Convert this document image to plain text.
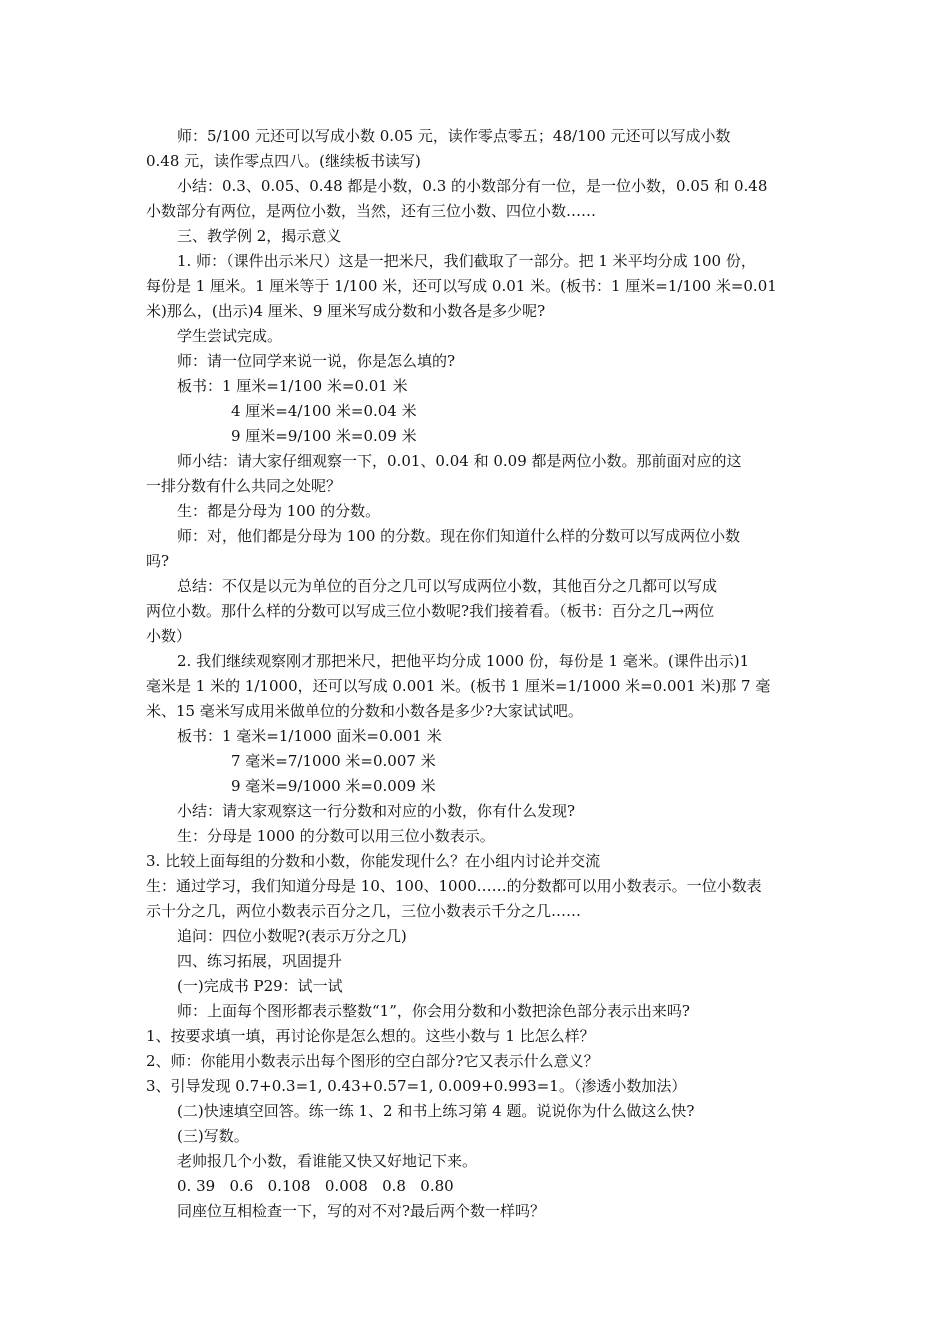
师：5/100 元还可以写成小数 0.05 元，读作零点零五；48/100 元还可以写成小数
0.48 元，读作零点四八。(继续板书读写)
小结：0.3、0.05、0.48 都是小数，0.3 的小数部分有一位，是一位小数，0.05 和 0.48
小数部分有两位，是两位小数，当然，还有三位小数、四位小数……
三、教学例 2，揭示意义
1. 师：（课件出示米尺）这是一把米尺，我们截取了一部分。把 1 米平均分成 100 份，
每份是 1 厘米。1 厘米等于 1/100 米，还可以写成 0.01 米。(板书：1 厘米=1/100 米=0.01
米)那么，(出示)4 厘米、9 厘米写成分数和小数各是多少呢?
学生尝试完成。
师：请一位同学来说一说，你是怎么填的?
板书：1 厘米=1/100 米=0.01 米
4 厘米=4/100 米=0.04 米
9 厘米=9/100 米=0.09 米
师小结：请大家仔细观察一下，0.01、0.04 和 0.09 都是两位小数。那前面对应的这
一排分数有什么共同之处呢？
生：都是分母为 100 的分数。
师：对，他们都是分母为 100 的分数。现在你们知道什么样的分数可以写成两位小数
吗?
总结：不仅是以元为单位的百分之几可以写成两位小数，其他百分之几都可以写成
两位小数。那什么样的分数可以写成三位小数呢?我们接着看。（板书：百分之几→两位
小数）
2. 我们继续观察刚才那把米尺，把他平均分成 1000 份，每份是 1 毫米。(课件出示)1
毫米是 1 米的 1/1000，还可以写成 0.001 米。(板书 1 厘米=1/1000 米=0.001 米)那 7 毫
米、15 毫米写成用米做单位的分数和小数各是多少?大家试试吧。
板书：1 毫米=1/1000 面米=0.001 米
7 毫米=7/1000 米=0.007 米
9 毫米=9/1000 米=0.009 米
小结：请大家观察这一行分数和对应的小数，你有什么发现?
生：分母是 1000 的分数可以用三位小数表示。
3. 比较上面每组的分数和小数，你能发现什么？在小组内讨论并交流
生：通过学习，我们知道分母是 10、100、1000……的分数都可以用小数表示。一位小数表
示十分之几，两位小数表示百分之几，三位小数表示千分之几……
追问：四位小数呢?(表示万分之几)
四、练习拓展，巩固提升
(一)完成书 P29：试一试
师：上面每个图形都表示整数“1”，你会用分数和小数把涂色部分表示出来吗?
1、按要求填一填，再讨论你是怎么想的。这些小数与 1 比怎么样？
2、师：你能用小数表示出每个图形的空白部分?它又表示什么意义？
3、引导发现 0.7+0.3=1, 0.43+0.57=1, 0.009+0.993=1。（渗透小数加法）
(二)快速填空回答。练一练 1、2 和书上练习第 4 题。说说你为什么做这么快?
(三)写数。
老帅报几个小数，看谁能又快又好地记下来。
0. 39   0.6   0.108   0.008   0.8   0.80
同座位互相检查一下，写的对不对?最后两个数一样吗？
